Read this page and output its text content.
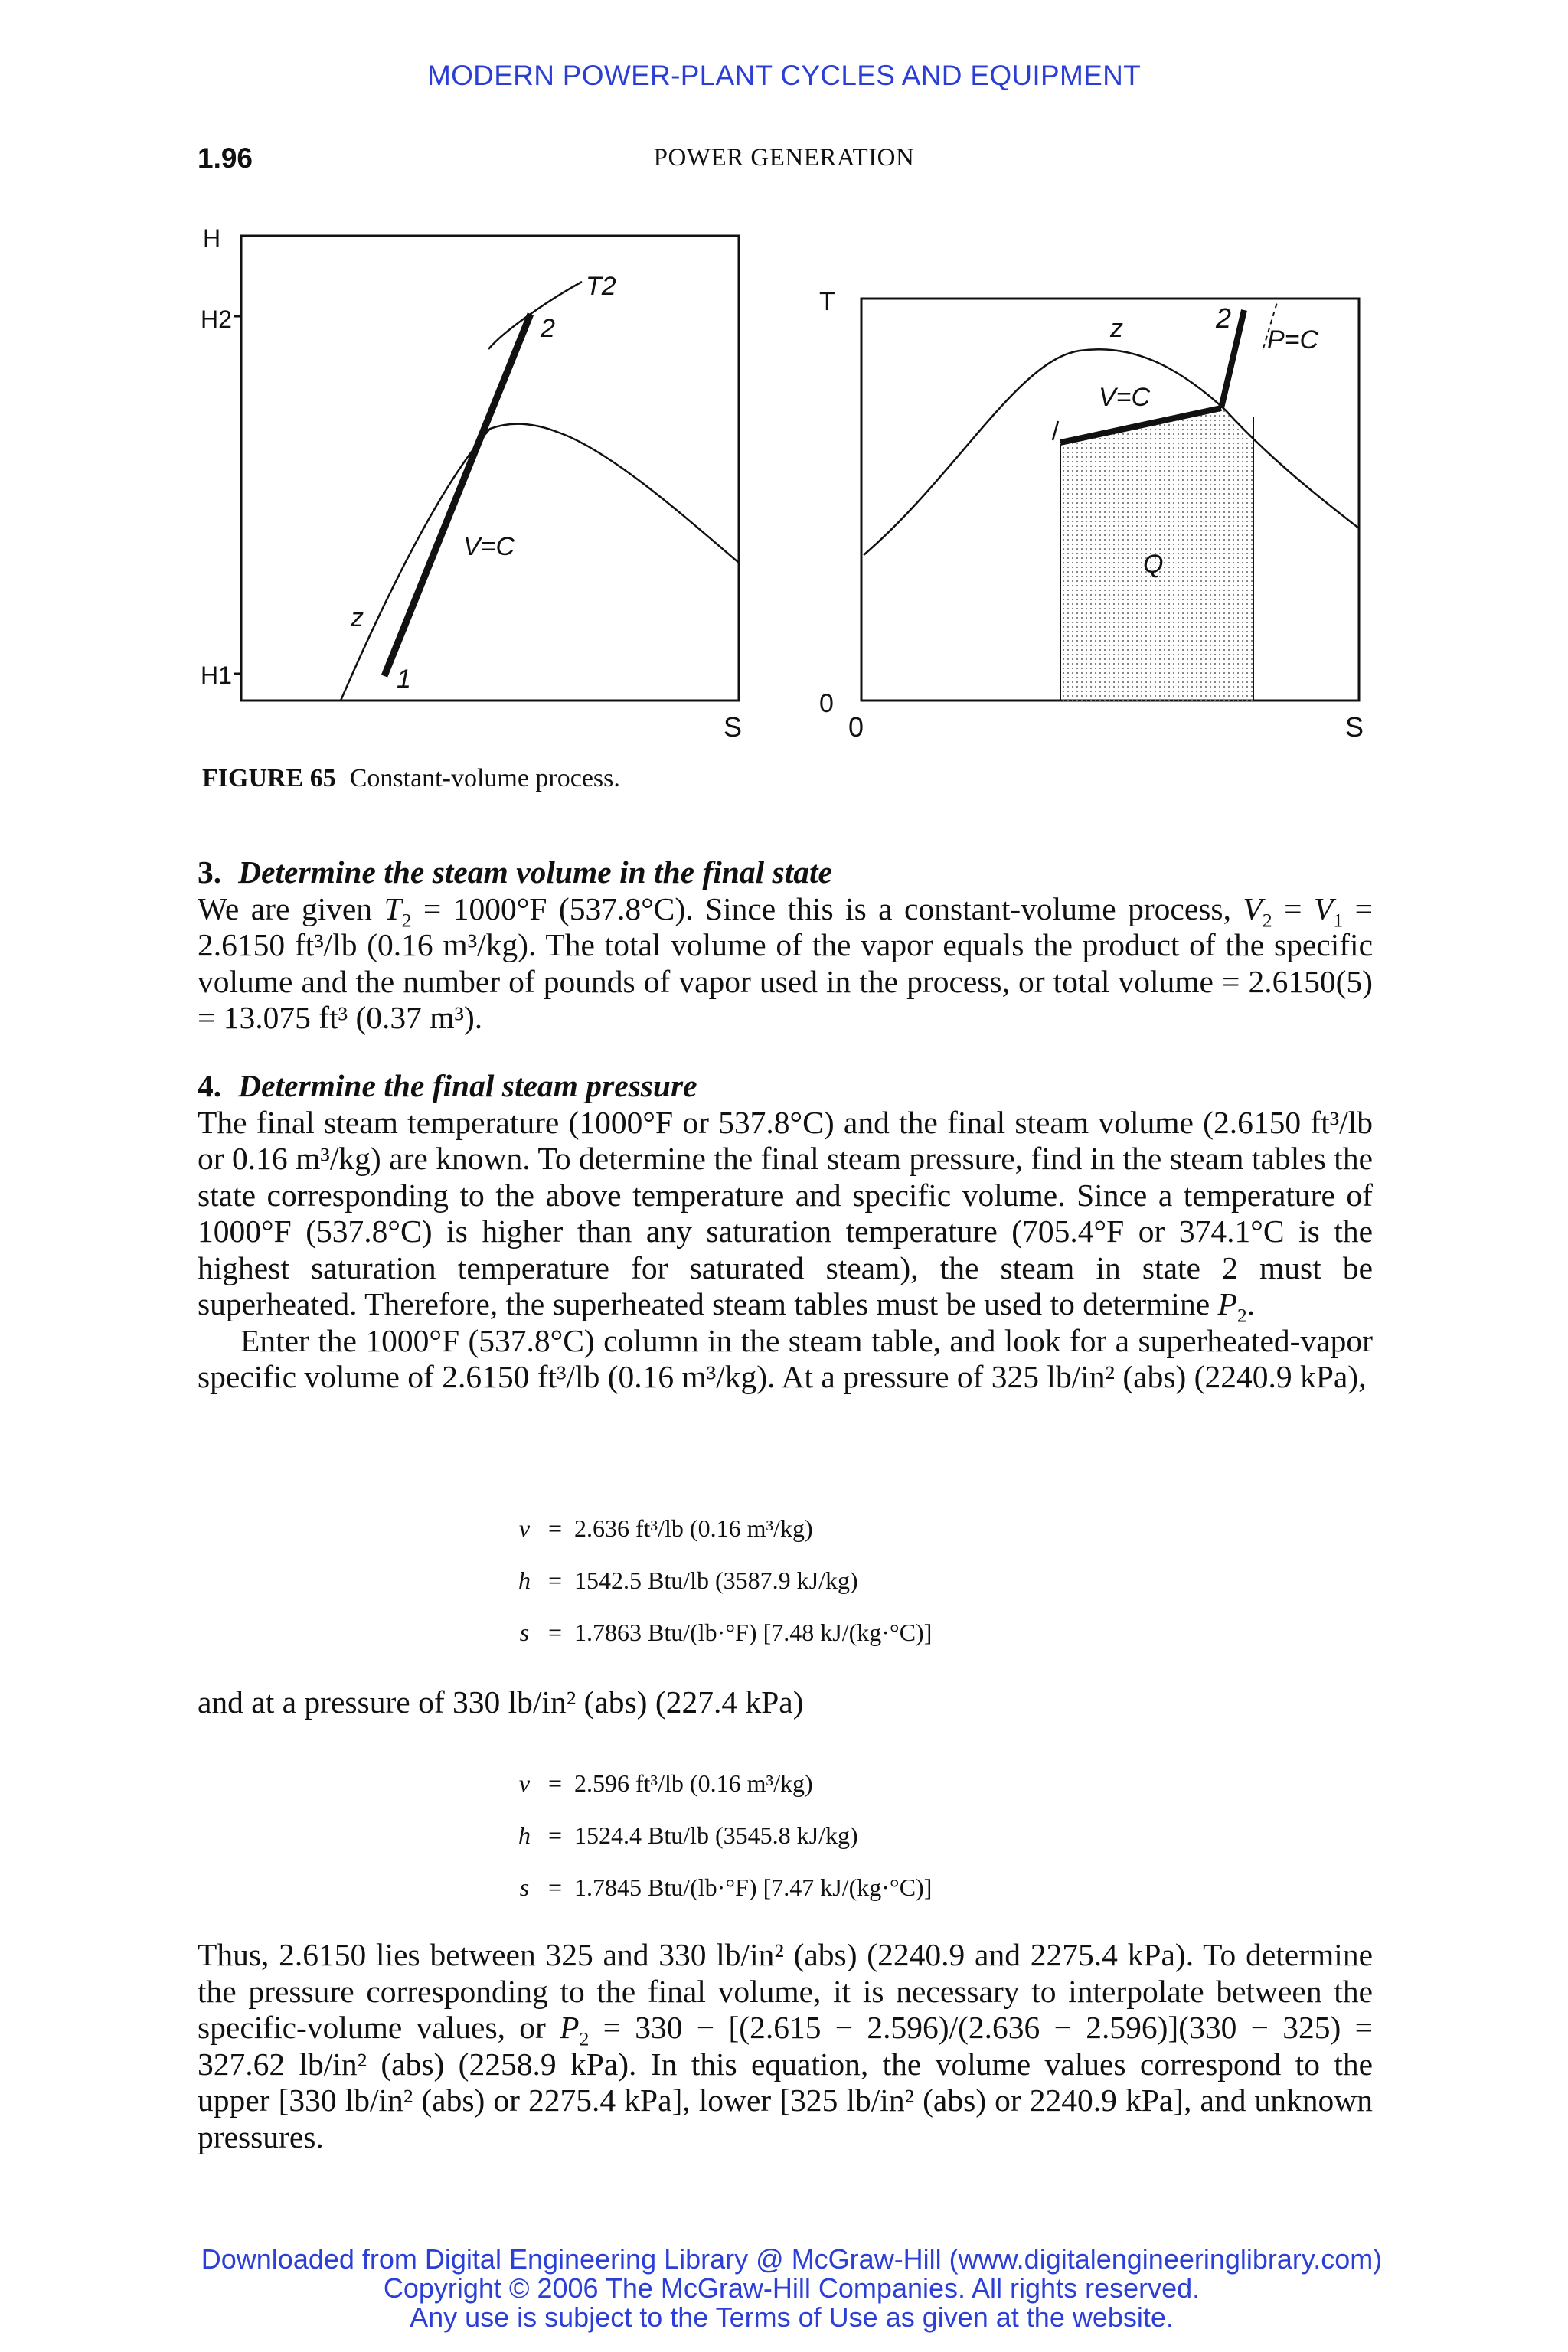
MODERN POWER-PLANT CYCLES AND EQUIPMENT
1.96	POWER GENERATION
H
H2
H1
S
T2
2
1
V=C
z
T
0
0	S
z	2
P=C
V=C
Q
FIGURE 65 Constant-volume process.
3. Determine the steam volume in the final state

We are given $T_2 = 1000^\circ F$ (537.8°C). Since this is a constant-volume process, $V_2 = V_1 = 2.6150$ ft³/lb (0.16 m³/kg). The total volume of the vapor equals the product of the specific volume and the number of pounds of vapor used in the process, or total volume = 2.6150(5) = 13.075 ft³ (0.37 m³).

4. Determine the final steam pressure

The final steam temperature (1000°F or 537.8°C) and the final steam volume (2.6150 ft³/lb or 0.16 m³/kg) are known. To determine the final steam pressure, find in the steam tables the state corresponding to the above temperature and specific volume. Since a temperature of 1000°F (537.8°C) is higher than any saturation temperature (705.4°F or 374.1°C is the highest saturation temperature for saturated steam), the steam in state 2 must be superheated. Therefore, the superheated steam tables must be used to determine $P_2$.

Enter the 1000°F (537.8°C) column in the steam table, and look for a superheated-vapor specific volume of 2.6150 ft³/lb (0.16 m³/kg). At a pressure of 325 lb/in² (abs) (2240.9 kPa),

v = 2.636 ft³/lb (0.16 m³/kg)
h = 1542.5 Btu/lb (3587.9 kJ/kg)
s = 1.7863 Btu/(lb·°F) [7.48 kJ/(kg·°C)]

and at a pressure of 330 lb/in² (abs) (227.4 kPa)

v = 2.596 ft³/lb (0.16 m³/kg)
h = 1524.4 Btu/lb (3545.8 kJ/kg)
s = 1.7845 Btu/(lb·°F) [7.47 kJ/(kg·°C)]

Thus, 2.6150 lies between 325 and 330 lb/in² (abs) (2240.9 and 2275.4 kPa). To determine the pressure corresponding to the final volume, it is necessary to interpolate between the specific-volume values, or $P_2 = 330 - [(2.615 - 2.596)/(2.636 - 2.596)](330 - 325) = 327.62$ lb/in² (abs) (2258.9 kPa). In this equation, the volume values correspond to the upper [330 lb/in² (abs) or 2275.4 kPa], lower [325 lb/in² (abs) or 2240.9 kPa], and unknown pressures.

Downloaded from Digital Engineering Library @ McGraw-Hill (www.digitalengineeringlibrary.com)
Copyright © 2006 The McGraw-Hill Companies. All rights reserved.
Any use is subject to the Terms of Use as given at the website.
